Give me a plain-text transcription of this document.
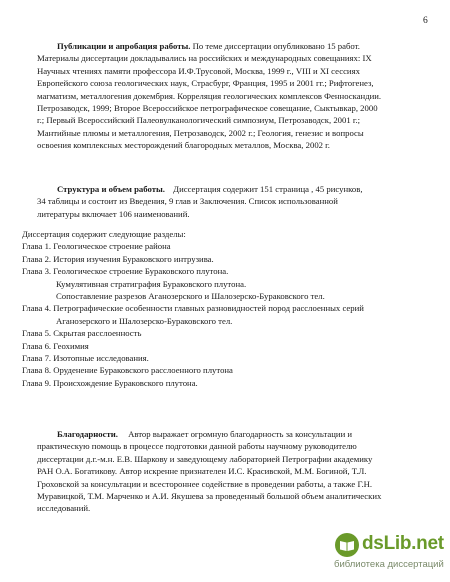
6
Публикации и апробация работы. По теме диссертации опубликовано 15 работ.
Материалы диссертации докладывались на российских и международных совещаниях: IX
Научных чтениях памяти профессора И.Ф.Трусовой, Москва, 1999 г., VIII и XI сессиях
Европейского союза геологических наук, Страсбург, Франция, 1995 и 2001 гг.; Рифтогенез,
магматизм, металлогения докембрия. Корреляция геологических комплексов Фенноскандии.
Петрозаводск, 1999; Второе Всероссийское петрографическое совещание, Сыктывкар, 2000
г.; Первый Всероссийский Палеовулканологический симпозиум, Петрозаводск, 2001 г.;
Мантийные плюмы и металлогения, Петрозаводск, 2002 г.; Геология, генезис и вопросы
освоения комплексных месторождений благородных металлов, Москва, 2002 г.
Структура и объем работы. Диссертация содержит 151 страница , 45 рисунков,
34 таблицы и состоит из Введения, 9 глав и Заключения. Список использованной
литературы включает 106 наименований.
Диссертация содержит следующие разделы:
Глава 1. Геологическое строение района
Глава 2. История изучения Бураковского интрузива.
Глава 3. Геологическое строение Бураковского плутона.
Кумулятивная стратиграфия Бураковского плутона.
Сопоставление разрезов Аганозерского и Шалозерско-Бураковского тел.
Глава 4. Петрографические особенности главных разновидностей пород расслоенных серий
Аганозерского и Шалозерско-Бураковского тел.
Глава 5. Скрытая расслоенность
Глава 6. Геохимия
Глава 7. Изотопные исследования.
Глава 8. Оруденение Бураковского расслоенного плутона
Глава 9. Происхождение Бураковского плутона.
Благодарности. Автор выражает огромную благодарность за консультации и
практическую помощь в процессе подготовки данной работы научному руководителю
диссертации д.г.-м.н. Е.В. Шаркову и заведующему лабораторией Петрографии академику
РАН О.А. Богатикову. Автор искренне признателен И.С. Красивской, М.М. Богиной, Т.Л.
Гроховской за консультации и всестороннее содействие в проведении работы, а также Г.Н.
Муравицкой, Т.М. Марченко и А.И. Якушева за проведенный большой объем аналитических
исследований.
dsLib.net
библиотека диссертаций
